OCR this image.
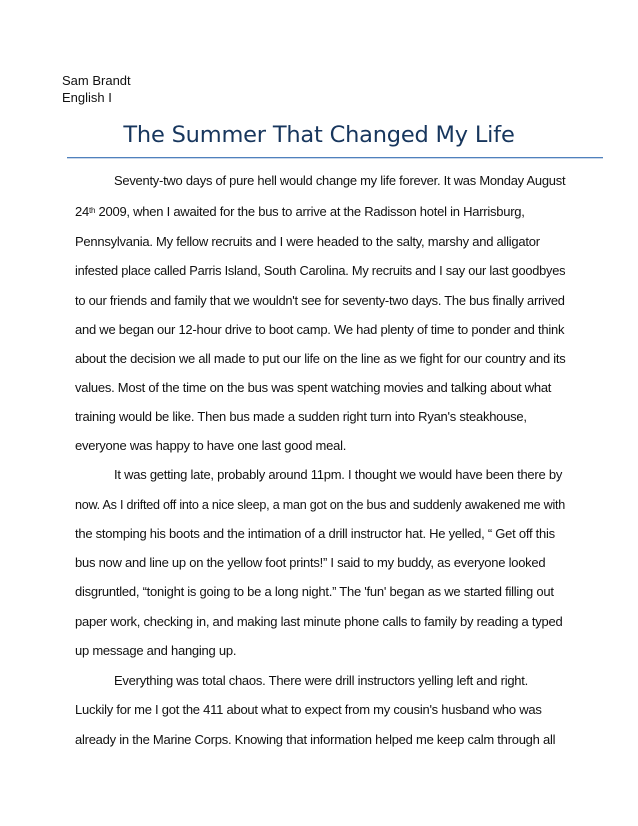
Sam Brandt
English I
The Summer That Changed My Life
Seventy-two days of pure hell would change my life forever. It was Monday August
24th 2009, when I awaited for the bus to arrive at the Radisson hotel in Harrisburg,
Pennsylvania. My fellow recruits and I were headed to the salty, marshy and alligator
infested place called Parris Island, South Carolina. My recruits and I say our last goodbyes
to our friends and family that we wouldn't see for seventy-two days. The bus finally arrived
and we began our 12-hour drive to boot camp. We had plenty of time to ponder and think
about the decision we all made to put our life on the line as we fight for our country and its
values. Most of the time on the bus was spent watching movies and talking about what
training would be like. Then bus made a sudden right turn into Ryan's steakhouse,
everyone was happy to have one last good meal.
It was getting late, probably around 11pm. I thought we would have been there by
now. As I drifted off into a nice sleep, a man got on the bus and suddenly awakened me with
the stomping his boots and the intimation of a drill instructor hat. He yelled, “ Get off this
bus now and line up on the yellow foot prints!” I said to my buddy, as everyone looked
disgruntled, “tonight is going to be a long night.” The 'fun' began as we started filling out
paper work, checking in, and making last minute phone calls to family by reading a typed
up message and hanging up.
Everything was total chaos. There were drill instructors yelling left and right.
Luckily for me I got the 411 about what to expect from my cousin's husband who was
already in the Marine Corps. Knowing that information helped me keep calm through all
